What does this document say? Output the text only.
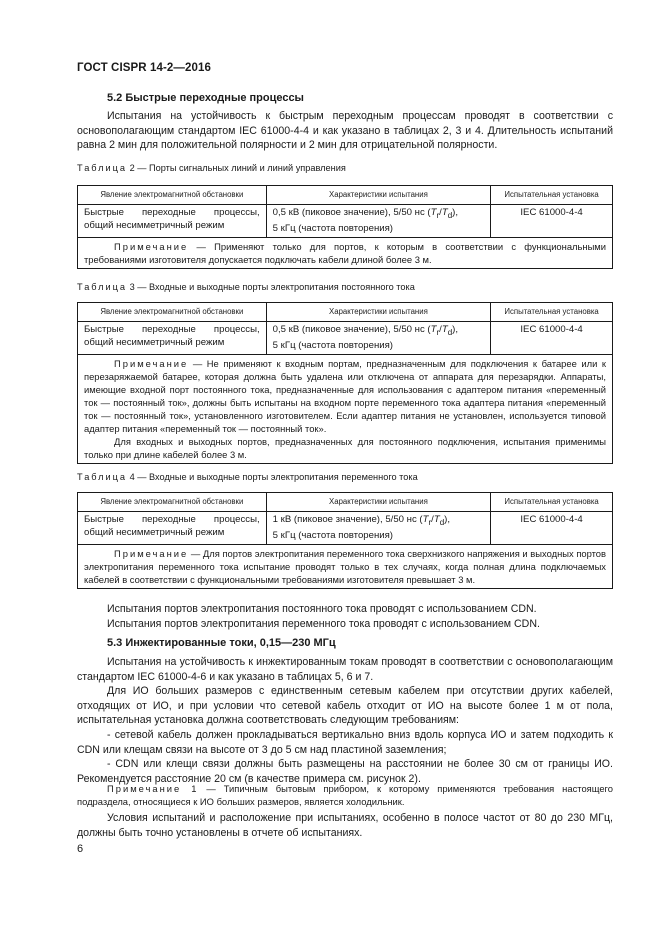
ГОСТ CISPR 14-2—2016
5.2 Быстрые переходные процессы

Испытания на устойчивость к быстрым переходным процессам проводят в соответствии с основополагающим стандартом IEC 61000-4-4 и как указано в таблицах 2, 3 и 4. Длительность испытаний равна 2 мин для положительной полярности и 2 мин для отрицательной полярности.

Таблица 2 — Порты сигнальных линий и линий управления
Явление электромагнитной обстановки	Характеристики испытания	Испытательная установка
Быстрые переходные процессы, общий несимметричный режим	0,5 кВ (пиковое значение), 5/50 нс $(T_r/T_d)$,
5 кГц (частота повторения)	IEC 61000-4-4

Примечание — Применяют только для портов, к которым в соответствии с функциональными требованиями изготовителя допускается подключать кабели длиной более 3 м.		

Таблица 3 — Входные и выходные порты электропитания постоянного тока
Явление электромагнитной обстановки	Характеристики испытания	Испытательная установка
Быстрые переходные процессы, общий несимметричный режим	0,5 кВ (пиковое значение), 5/50 нс $(T_r/T_d)$,
5 кГц (частота повторения)	IEC 61000-4-4

Примечание — Не применяют к входным портам, предназначенным для подключения к батарее или к перезаряжаемой батарее, которая должна быть удалена или отключена от аппарата для перезарядки. Аппараты, имеющие входной порт постоянного тока, предназначенные для использования с адаптером питания «переменный ток — постоянный ток», должны быть испытаны на входном порте переменного тока адаптера питания «переменный ток — постоянный ток», установленного изготовителем. Если адаптер питания не установлен, используется типовой адаптер питания «переменный ток — постоянный ток».

Для входных и выходных портов, предназначенных для постоянного подключения, испытания применимы только при длине кабелей более 3 м.		

Таблица 4 — Входные и выходные порты электропитания переменного тока
Явление электромагнитной обстановки	Характеристики испытания	Испытательная установка
Быстрые переходные процессы, общий несимметричный режим	1 кВ (пиковое значение), 5/50 нс $(T_r/T_d)$,
5 кГц (частота повторения)	IEC 61000-4-4

Примечание — Для портов электропитания переменного тока сверхнизкого напряжения и выходных портов электропитания переменного тока испытание проводят только в тех случаях, когда полная длина подключаемых кабелей в соответствии с функциональными требованиями изготовителя превышает 3 м.		

Испытания портов электропитания постоянного тока проводят с использованием CDN.

Испытания портов электропитания переменного тока проводят с использованием CDN.

5.3 Инжектированные токи, 0,15—230 МГц

Испытания на устойчивость к инжектированным токам проводят в соответствии с основополагающим стандартом IEC 61000-4-6 и как указано в таблицах 5, 6 и 7.

Для ИО больших размеров с единственным сетевым кабелем при отсутствии других кабелей, отходящих от ИО, и при условии что сетевой кабель отходит от ИО на высоте более 1 м от пола, испытательная установка должна соответствовать следующим требованиям:

- сетевой кабель должен прокладываться вертикально вниз вдоль корпуса ИО и затем подходить к CDN или клещам связи на высоте от 3 до 5 см над пластиной заземления;

- CDN или клещи связи должны быть размещены на расстоянии не более 30 см от границы ИО. Рекомендуется расстояние 20 см (в качестве примера см. рисунок 2).

Примечание 1 — Типичным бытовым прибором, к которому применяются требования настоящего подраздела, относящиеся к ИО больших размеров, является холодильник.

Условия испытаний и расположение при испытаниях, особенно в полосе частот от 80 до 230 МГц, должны быть точно установлены в отчете об испытаниях.

6
